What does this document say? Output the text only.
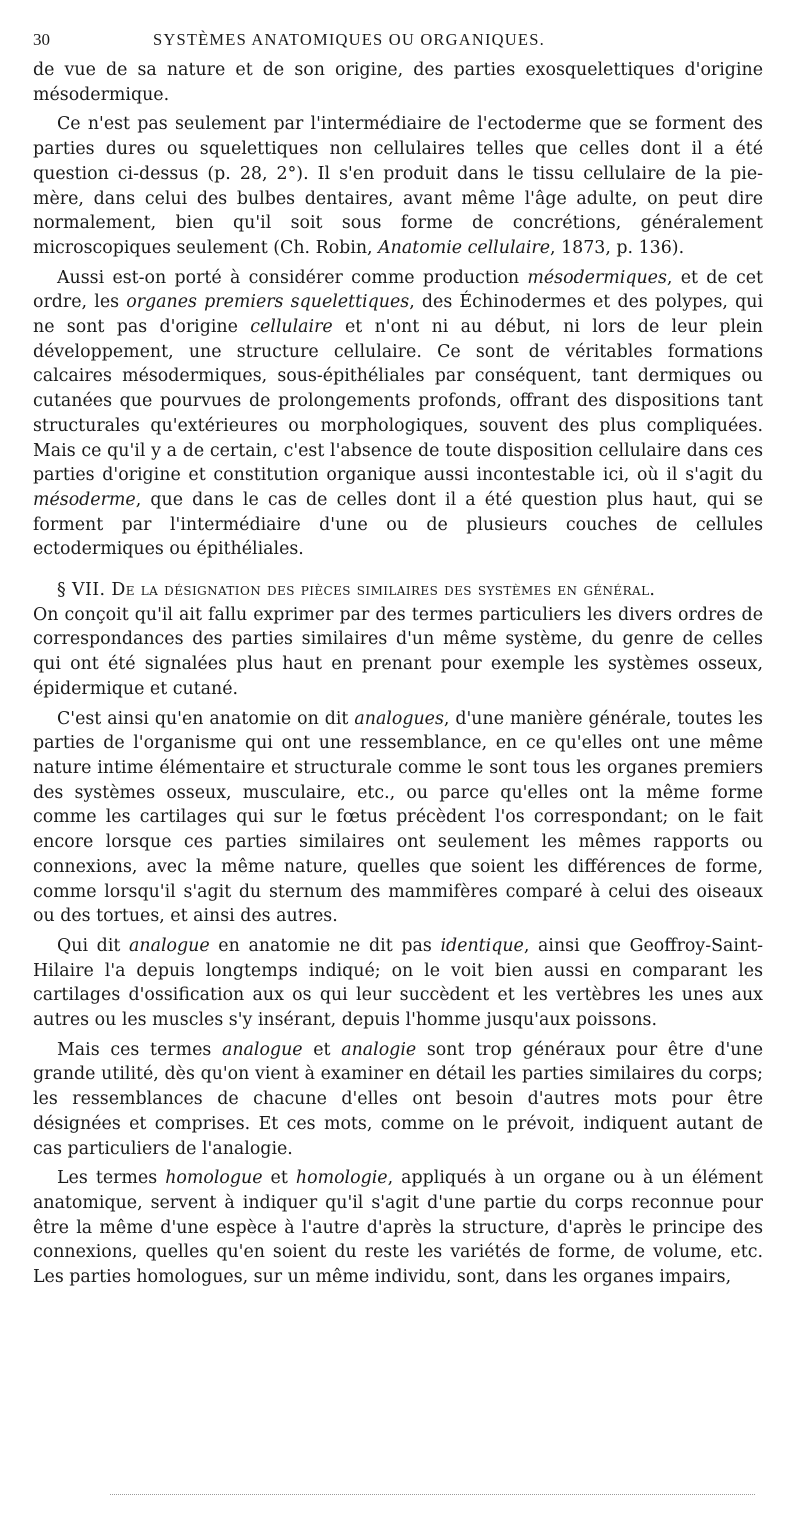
30	SYSTÈMES ANATOMIQUES OU ORGANIQUES.

de vue de sa nature et de son origine, des parties exosquelettiques d'origine mésodermique.

Ce n'est pas seulement par l'intermédiaire de l'ectoderme que se forment des parties dures ou squelettiques non cellulaires telles que celles dont il a été question ci-dessus (p. 28, 2°). Il s'en produit dans le tissu cellulaire de la pie-mère, dans celui des bulbes dentaires, avant même l'âge adulte, on peut dire normalement, bien qu'il soit sous forme de concrétions, généralement microscopiques seulement (Ch. Robin, Anatomie cellulaire, 1873, p. 136).

Aussi est-on porté à considérer comme production mésodermiques, et de cet ordre, les organes premiers squelettiques, des Échinodermes et des polypes, qui ne sont pas d'origine cellulaire et n'ont ni au début, ni lors de leur plein développement, une structure cellulaire. Ce sont de véritables formations calcaires mésodermiques, sous-épithéliales par conséquent, tant dermiques ou cutanées que pourvues de prolongements profonds, offrant des dispositions tant structurales qu'extérieures ou morphologiques, souvent des plus compliquées. Mais ce qu'il y a de certain, c'est l'absence de toute disposition cellulaire dans ces parties d'origine et constitution organique aussi incontestable ici, où il s'agit du mésoderme, que dans le cas de celles dont il a été question plus haut, qui se forment par l'intermédiaire d'une ou de plusieurs couches de cellules ectodermiques ou épithéliales.

§ VII. De la désignation des pièces similaires des systèmes en général.

On conçoit qu'il ait fallu exprimer par des termes particuliers les divers ordres de correspondances des parties similaires d'un même système, du genre de celles qui ont été signalées plus haut en prenant pour exemple les systèmes osseux, épidermique et cutané.

C'est ainsi qu'en anatomie on dit analogues, d'une manière générale, toutes les parties de l'organisme qui ont une ressemblance, en ce qu'elles ont une même nature intime élémentaire et structurale comme le sont tous les organes premiers des systèmes osseux, musculaire, etc., ou parce qu'elles ont la même forme comme les cartilages qui sur le fœtus précèdent l'os correspondant; on le fait encore lorsque ces parties similaires ont seulement les mêmes rapports ou connexions, avec la même nature, quelles que soient les différences de forme, comme lorsqu'il s'agit du sternum des mammifères comparé à celui des oiseaux ou des tortues, et ainsi des autres.

Qui dit analogue en anatomie ne dit pas identique, ainsi que Geoffroy-Saint-Hilaire l'a depuis longtemps indiqué; on le voit bien aussi en comparant les cartilages d'ossification aux os qui leur succèdent et les vertèbres les unes aux autres ou les muscles s'y insérant, depuis l'homme jusqu'aux poissons.

Mais ces termes analogue et analogie sont trop généraux pour être d'une grande utilité, dès qu'on vient à examiner en détail les parties similaires du corps; les ressemblances de chacune d'elles ont besoin d'autres mots pour être désignées et comprises. Et ces mots, comme on le prévoit, indiquent autant de cas particuliers de l'analogie.

Les termes homologue et homologie, appliqués à un organe ou à un élément anatomique, servent à indiquer qu'il s'agit d'une partie du corps reconnue pour être la même d'une espèce à l'autre d'après la structure, d'après le principe des connexions, quelles qu'en soient du reste les variétés de forme, de volume, etc. Les parties homologues, sur un même individu, sont, dans les organes impairs,
